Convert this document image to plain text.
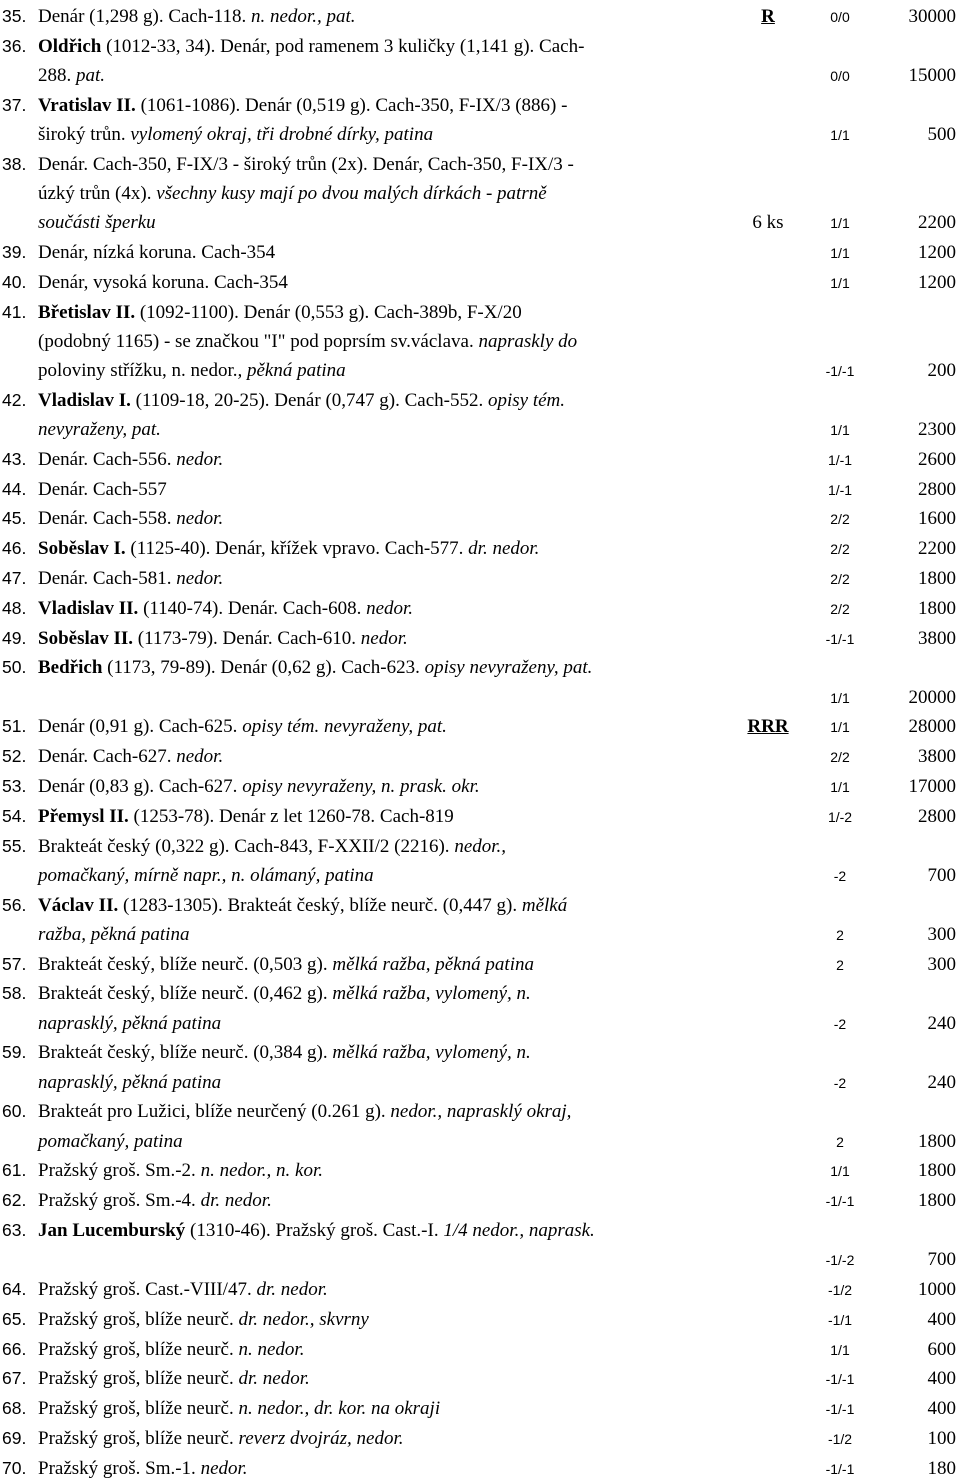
35. Denár (1,298 g). Cach-118. n. nedor., pat.	R	0/0	30000
36. Oldřich (1012-33, 34). Denár, pod ramenem 3 kuličky (1,141 g). Cach-
288. pat.	0/0	15000
37. Vratislav II. (1061-1086). Denár (0,519 g). Cach-350, F-IX/3 (886) -
široký trůn. vylomený okraj, tři drobné dírky, patina	1/1	500
38. Denár. Cach-350, F-IX/3 - široký trůn (2x). Denár, Cach-350, F-IX/3 -
úzký trůn (4x). všechny kusy mají po dvou malých dírkách - patrně
součásti šperku	6 ks	1/1	2200
39. Denár, nízká koruna. Cach-354	1/1	1200
40. Denár, vysoká koruna. Cach-354	1/1	1200
41. Břetislav II. (1092-1100). Denár (0,553 g). Cach-389b, F-X/20
(podobný 1165) - se značkou "I" pod poprsím sv.václava. napraskly do
poloviny střížku, n. nedor., pěkná patina	-1/-1	200
42. Vladislav I. (1109-18, 20-25). Denár (0,747 g). Cach-552. opisy tém.
nevyraženy, pat.	1/1	2300
43. Denár. Cach-556. nedor.	1/-1	2600
44. Denár. Cach-557	1/-1	2800
45. Denár. Cach-558. nedor.	2/2	1600
46. Soběslav I. (1125-40). Denár, křížek vpravo. Cach-577. dr. nedor.	2/2	2200
47. Denár. Cach-581. nedor.	2/2	1800
48. Vladislav II. (1140-74). Denár. Cach-608. nedor.	2/2	1800
49. Soběslav II. (1173-79). Denár. Cach-610. nedor.	-1/-1	3800
50. Bedřich (1173, 79-89). Denár (0,62 g). Cach-623. opisy nevyraženy, pat.
1/1	20000
51. Denár (0,91 g). Cach-625. opisy tém. nevyraženy, pat.	RRR	1/1	28000
52. Denár. Cach-627. nedor.	2/2	3800
53. Denár (0,83 g). Cach-627. opisy nevyraženy, n. prask. okr.	1/1	17000
54. Přemysl II. (1253-78). Denár z let 1260-78. Cach-819	1/-2	2800
55. Brakteát český (0,322 g). Cach-843, F-XXII/2 (2216). nedor.,
pomačkaný, mírně napr., n. olámaný, patina	-2	700
56. Václav II. (1283-1305). Brakteát český, blíže neurč. (0,447 g). mělká
ražba, pěkná patina	2	300
57. Brakteát český, blíže neurč. (0,503 g). mělká ražba, pěkná patina	2	300
58. Brakteát český, blíže neurč. (0,462 g). mělká ražba, vylomený, n.
naprasklý, pěkná patina	-2	240
59. Brakteát český, blíže neurč. (0,384 g). mělká ražba, vylomený, n.
naprasklý, pěkná patina	-2	240
60. Brakteát pro Lužici, blíže neurčený (0.261 g). nedor., naprasklý okraj,
pomačkaný, patina	2	1800
61. Pražský groš. Sm.-2. n. nedor., n. kor.	1/1	1800
62. Pražský groš. Sm.-4. dr. nedor.	-1/-1	1800
63. Jan Lucemburský (1310-46). Pražský groš. Cast.-I. 1/4 nedor., naprask.
-1/-2	700
64. Pražský groš. Cast.-VIII/47. dr. nedor.	-1/2	1000
65. Pražský groš, blíže neurč. dr. nedor., skvrny	-1/1	400
66. Pražský groš, blíže neurč. n. nedor.	1/1	600
67. Pražský groš, blíže neurč. dr. nedor.	-1/-1	400
68. Pražský groš, blíže neurč. n. nedor., dr. kor. na okraji	-1/-1	400
69. Pražský groš, blíže neurč. reverz dvojráz, nedor.	-1/2	100
70. Pražský groš. Sm.-1. nedor.	-1/-1	180
